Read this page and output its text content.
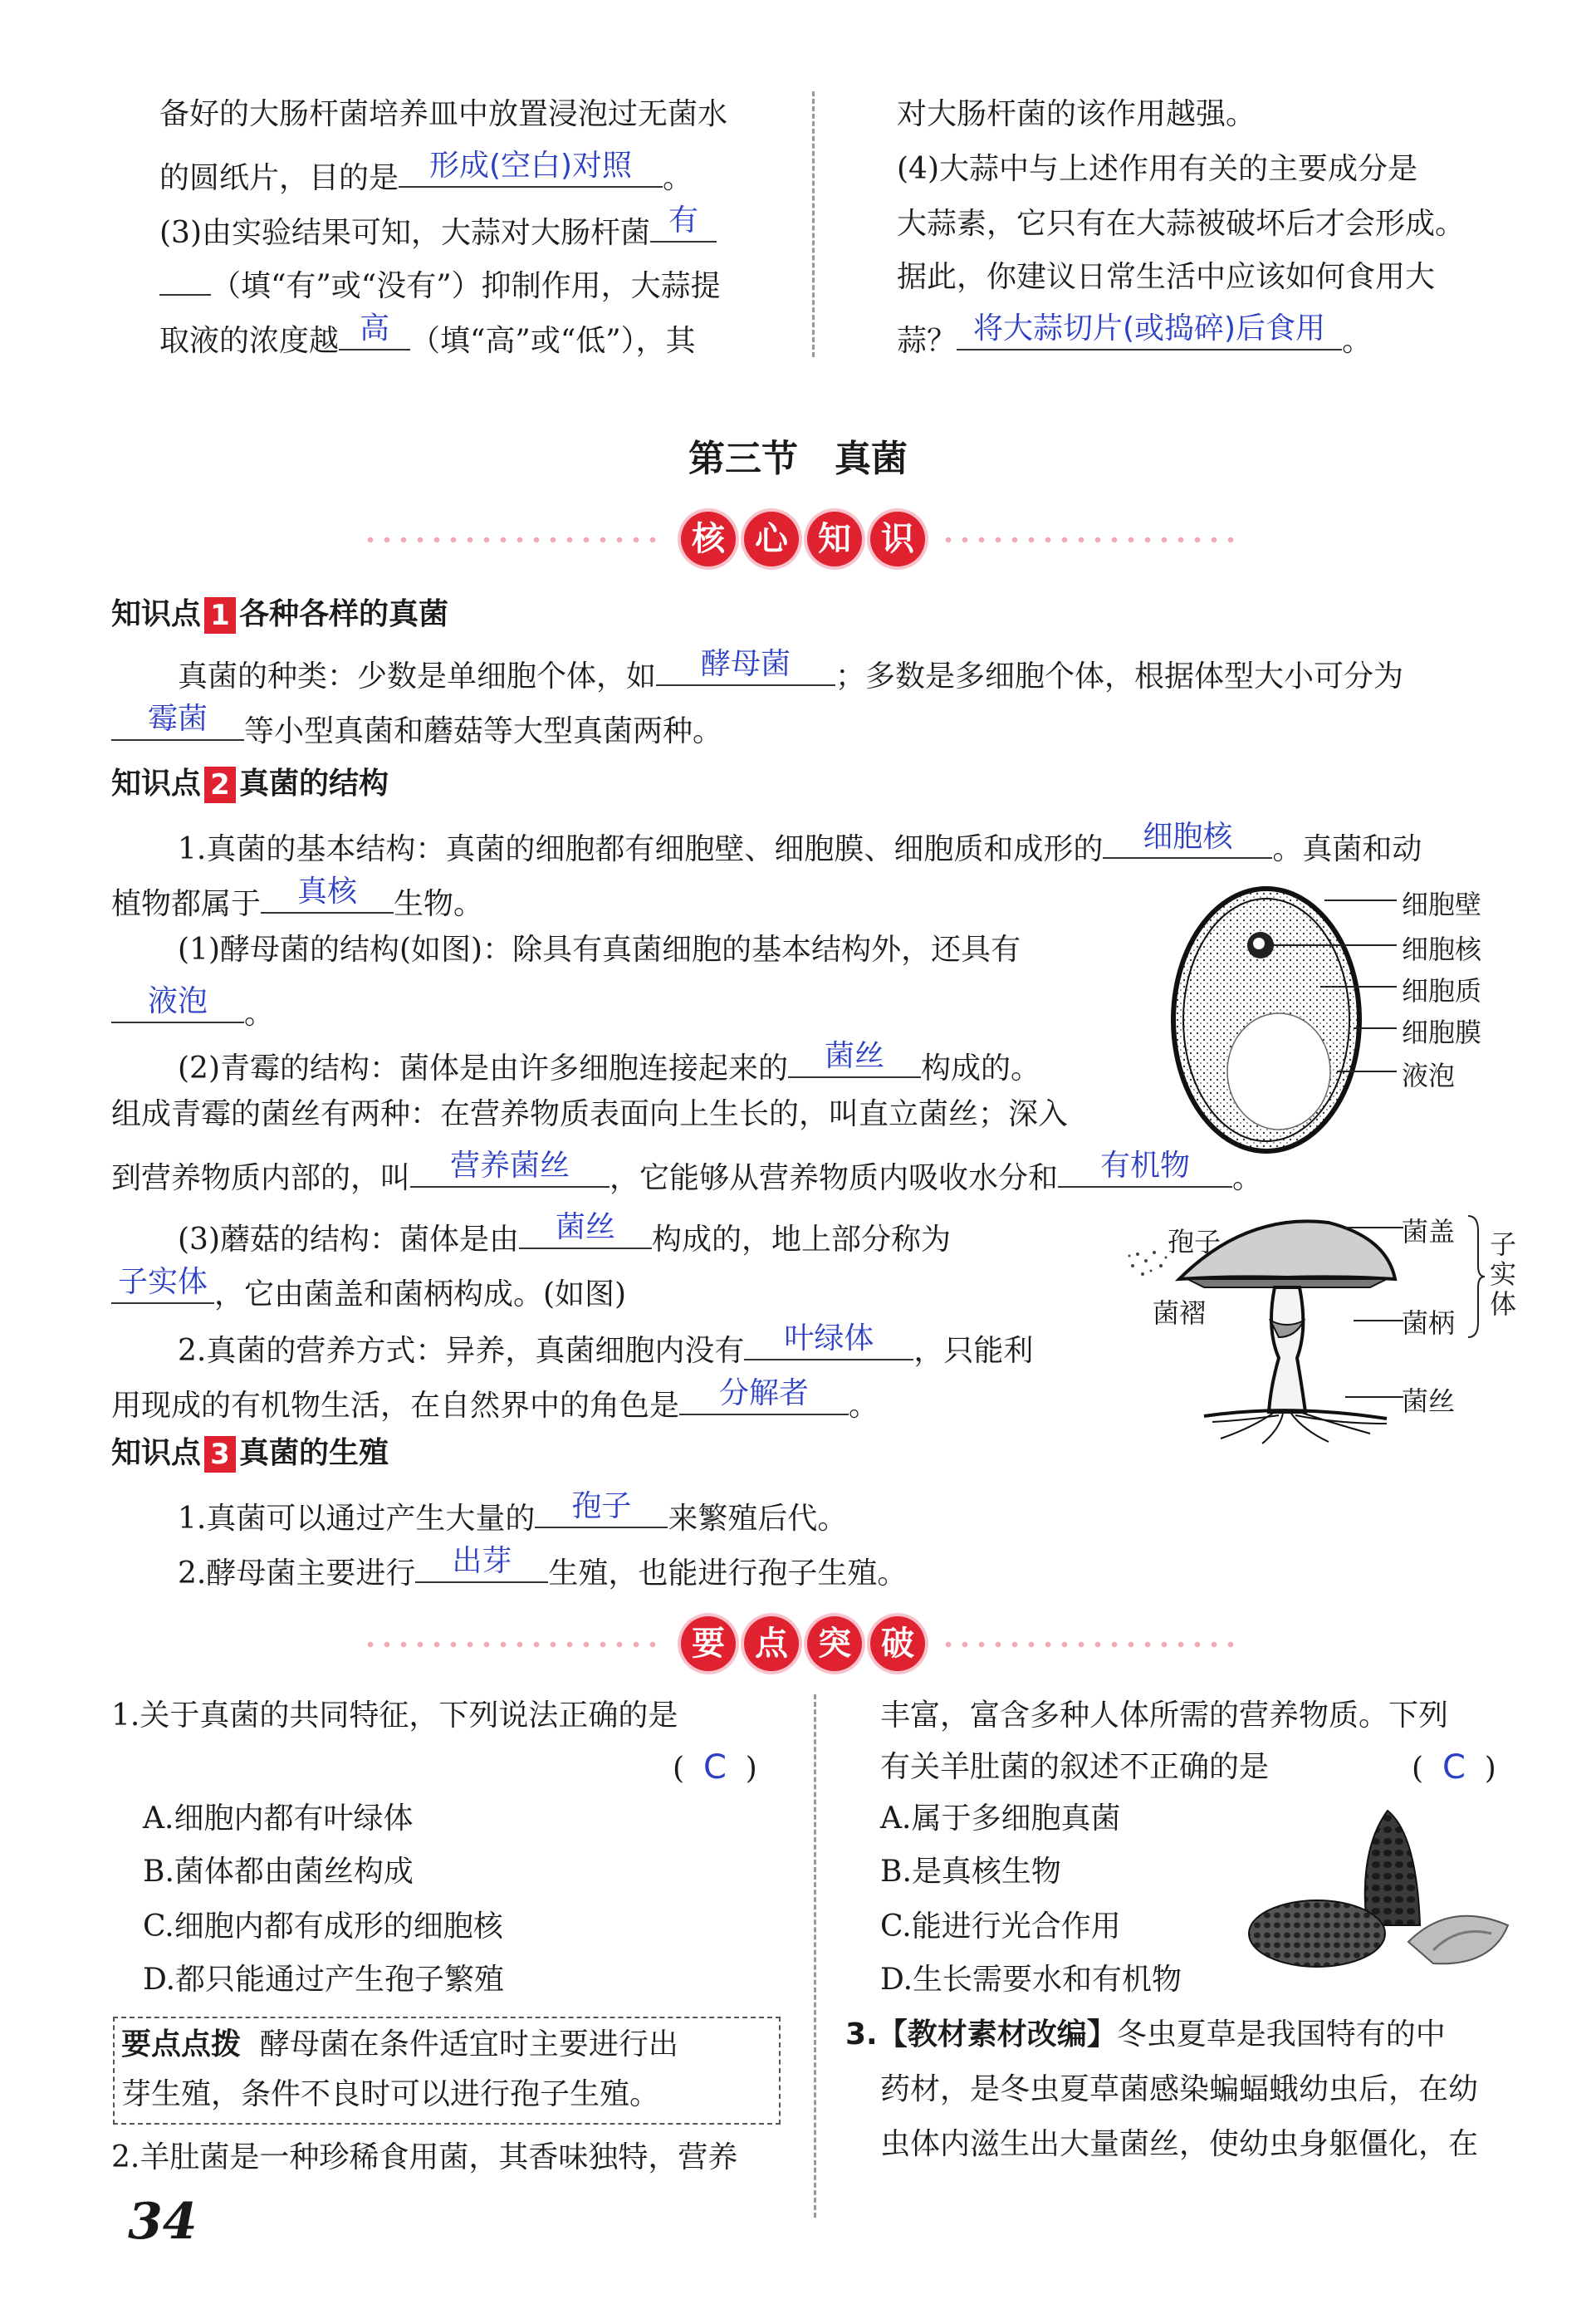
备好的大肠杆菌培养皿中放置浸泡过无菌水
的圆纸片，目的是	形成(空白)对照	。
(3)由实验结果可知，大蒜对大肠杆菌 有
（填“有”或“没有”）抑制作用，大蒜提
取液的浓度越 高 （填“高”或“低”），其
对大肠杆菌的该作用越强。
(4)大蒜中与上述作用有关的主要成分是
大蒜素，它只有在大蒜被破坏后才会形成。
据此，你建议日常生活中应该如何食用大
蒜？ 将大蒜切片(或捣碎)后食用 。
第三节　真菌
核 心 知 识
知识点 1 各种各样的真菌
真菌的种类：少数是单细胞个体，如	酵母菌	；多数是多细胞个体，根据体型大小可分为
霉菌	等小型真菌和蘑菇等大型真菌两种。
知识点 2 真菌的结构
1.真菌的基本结构：真菌的细胞都有细胞壁、细胞膜、细胞质和成形的	细胞核	。真菌和动
植物都属于	真核	生物。
(1)酵母菌的结构(如图)：除具有真菌细胞的基本结构外，还具有
液泡	。
(2)青霉的结构：菌体是由许多细胞连接起来的	菌丝	构成的。
组成青霉的菌丝有两种：在营养物质表面向上生长的，叫直立菌丝；深入
到营养物质内部的，叫	营养菌丝	，它能够从营养物质内吸收水分和	有机物	。
(3)蘑菇的结构：菌体是由	菌丝	构成的，地上部分称为
子实体 ，它由菌盖和菌柄构成。(如图)
2.真菌的营养方式：异养，真菌细胞内没有	叶绿体	，只能利
用现成的有机物生活，在自然界中的角色是	分解者	。
细胞壁
细胞核
细胞质
细胞膜
液泡
孢子
菌褶
菌盖
菌柄
菌丝
子实体
知识点 3 真菌的生殖
1.真菌可以通过产生大量的	孢子	来繁殖后代。
2.酵母菌主要进行	出芽	生殖，也能进行孢子生殖。
要 点 突 破
1.关于真菌的共同特征，下列说法正确的是
( C )
A.细胞内都有叶绿体
B.菌体都由菌丝构成
C.细胞内都有成形的细胞核
D.都只能通过产生孢子繁殖
要点点拨 酵母菌在条件适宜时主要进行出
芽生殖，条件不良时可以进行孢子生殖。
2.羊肚菌是一种珍稀食用菌，其香味独特，营养
丰富，富含多种人体所需的营养物质。下列
有关羊肚菌的叙述不正确的是	( C )
A.属于多细胞真菌
B.是真核生物
C.能进行光合作用
D.生长需要水和有机物
3.【教材素材改编】冬虫夏草是我国特有的中
药材，是冬虫夏草菌感染蝙蝠蛾幼虫后，在幼
虫体内滋生出大量菌丝，使幼虫身躯僵化，在
34
